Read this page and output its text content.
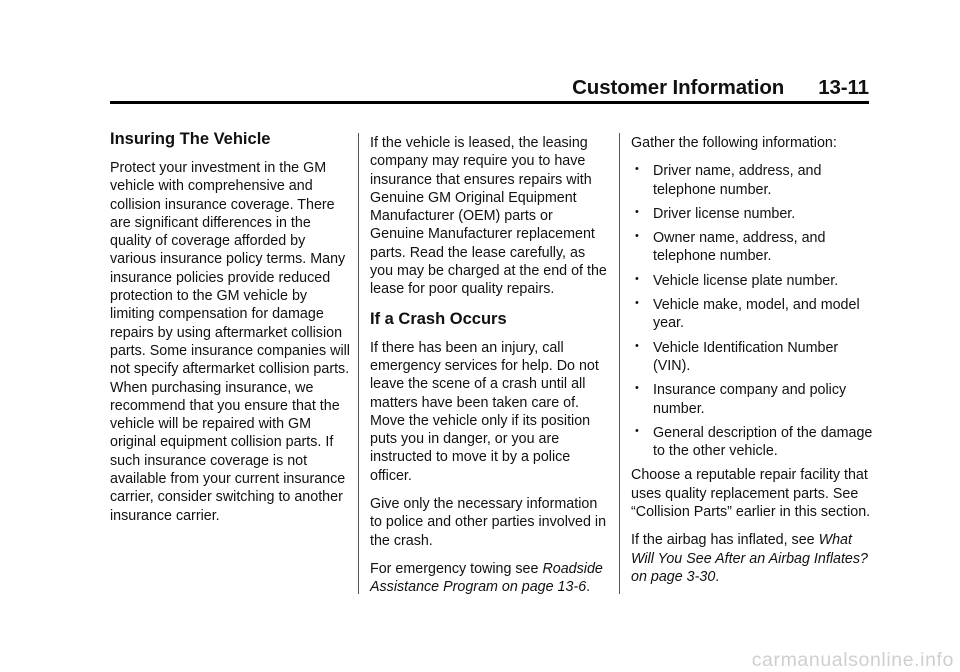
Customer Information 13-11
Insuring The Vehicle

Protect your investment in the GM vehicle with comprehensive and collision insurance coverage. There are significant differences in the quality of coverage afforded by various insurance policy terms. Many insurance policies provide reduced protection to the GM vehicle by limiting compensation for damage repairs by using aftermarket collision parts. Some insurance companies will not specify aftermarket collision parts. When purchasing insurance, we recommend that you ensure that the vehicle will be repaired with GM original equipment collision parts. If such insurance coverage is not available from your current insurance carrier, consider switching to another insurance carrier.

If the vehicle is leased, the leasing company may require you to have insurance that ensures repairs with Genuine GM Original Equipment Manufacturer (OEM) parts or Genuine Manufacturer replacement parts. Read the lease carefully, as you may be charged at the end of the lease for poor quality repairs.

If a Crash Occurs

If there has been an injury, call emergency services for help. Do not leave the scene of a crash until all matters have been taken care of. Move the vehicle only if its position puts you in danger, or you are instructed to move it by a police officer.

Give only the necessary information to police and other parties involved in the crash.

For emergency towing see Roadside Assistance Program on page 13-6.

Gather the following information:

• Driver name, address, and telephone number.
• Driver license number.
• Owner name, address, and telephone number.
• Vehicle license plate number.
• Vehicle make, model, and model year.
• Vehicle Identification Number (VIN).
• Insurance company and policy number.
• General description of the damage to the other vehicle.

Choose a reputable repair facility that uses quality replacement parts. See “Collision Parts” earlier in this section.

If the airbag has inflated, see What Will You See After an Airbag Inflates? on page 3-30.

carmanualsonline.info
